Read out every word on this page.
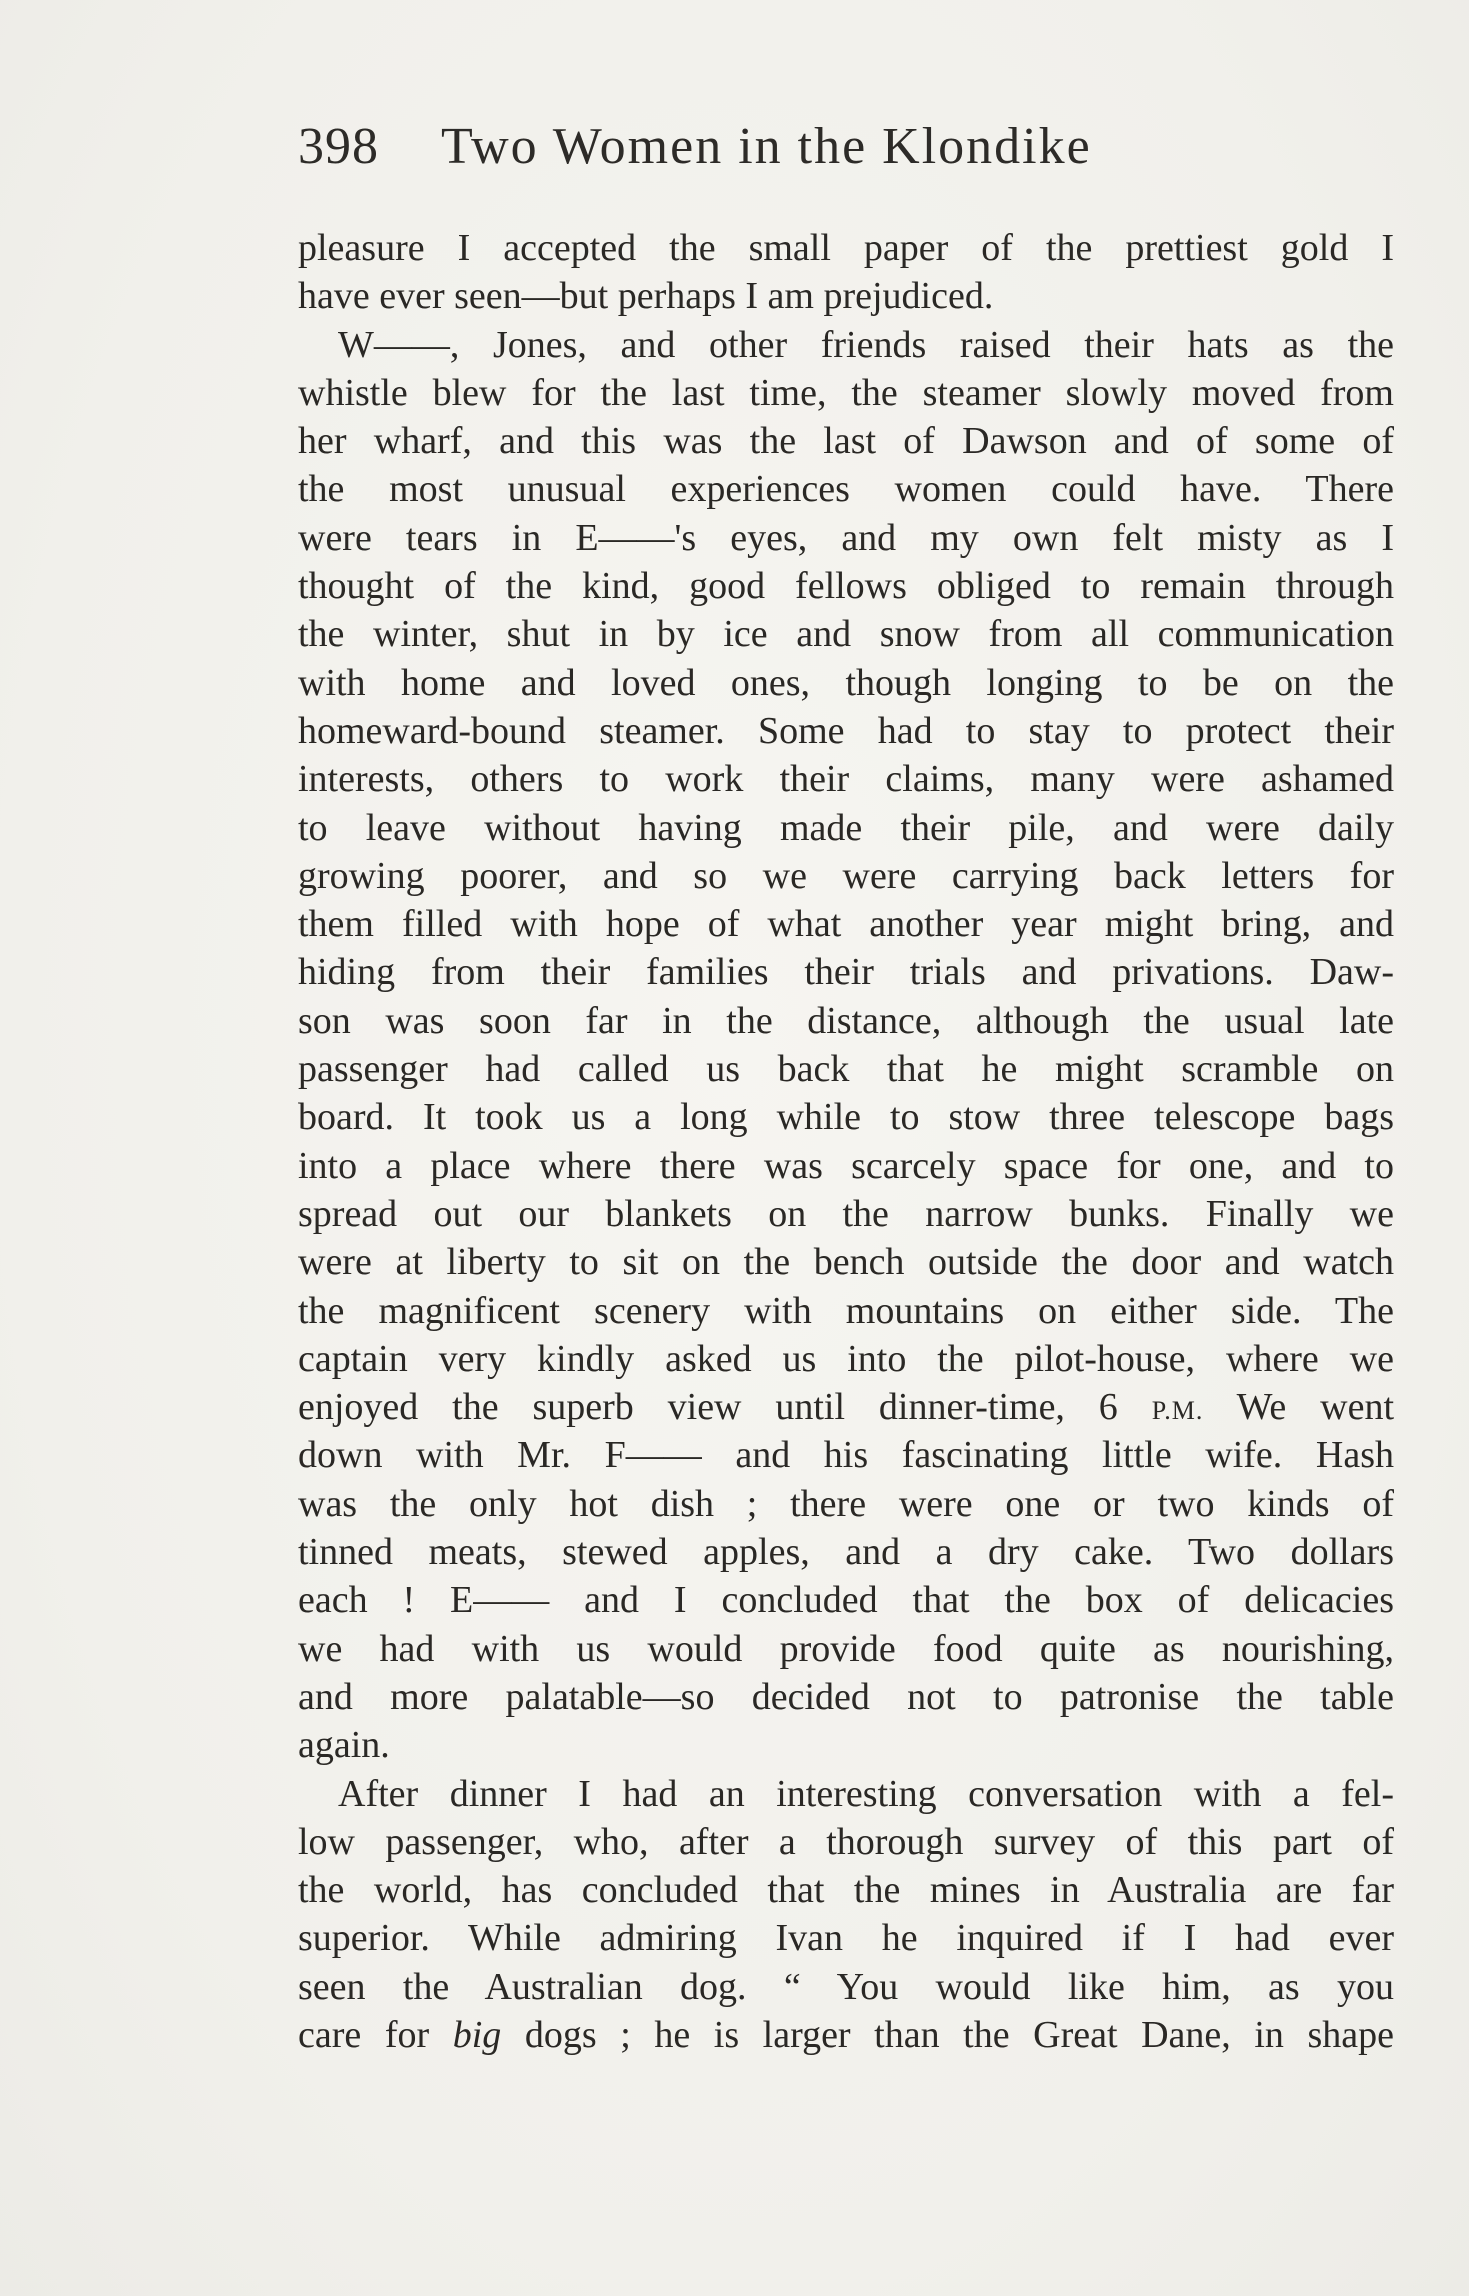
398 Two Women in the Klondike
pleasure I accepted the small paper of the prettiest gold I
have ever seen—but perhaps I am prejudiced.
W——, Jones, and other friends raised their hats as the
whistle blew for the last time, the steamer slowly moved from
her wharf, and this was the last of Dawson and of some of
the most unusual experiences women could have. There
were tears in E——'s eyes, and my own felt misty as I
thought of the kind, good fellows obliged to remain through
the winter, shut in by ice and snow from all communication
with home and loved ones, though longing to be on the
homeward-bound steamer. Some had to stay to protect their
interests, others to work their claims, many were ashamed
to leave without having made their pile, and were daily
growing poorer, and so we were carrying back letters for
them filled with hope of what another year might bring, and
hiding from their families their trials and privations. Daw-
son was soon far in the distance, although the usual late
passenger had called us back that he might scramble on
board. It took us a long while to stow three telescope bags
into a place where there was scarcely space for one, and to
spread out our blankets on the narrow bunks. Finally we
were at liberty to sit on the bench outside the door and watch
the magnificent scenery with mountains on either side. The
captain very kindly asked us into the pilot-house, where we
enjoyed the superb view until dinner-time, 6 P.M. We went
down with Mr. F—— and his fascinating little wife. Hash
was the only hot dish ; there were one or two kinds of
tinned meats, stewed apples, and a dry cake. Two dollars
each ! E—— and I concluded that the box of delicacies
we had with us would provide food quite as nourishing,
and more palatable—so decided not to patronise the table
again.
After dinner I had an interesting conversation with a fel-
low passenger, who, after a thorough survey of this part of
the world, has concluded that the mines in Australia are far
superior. While admiring Ivan he inquired if I had ever
seen the Australian dog. “ You would like him, as you
care for big dogs ; he is larger than the Great Dane, in shape
